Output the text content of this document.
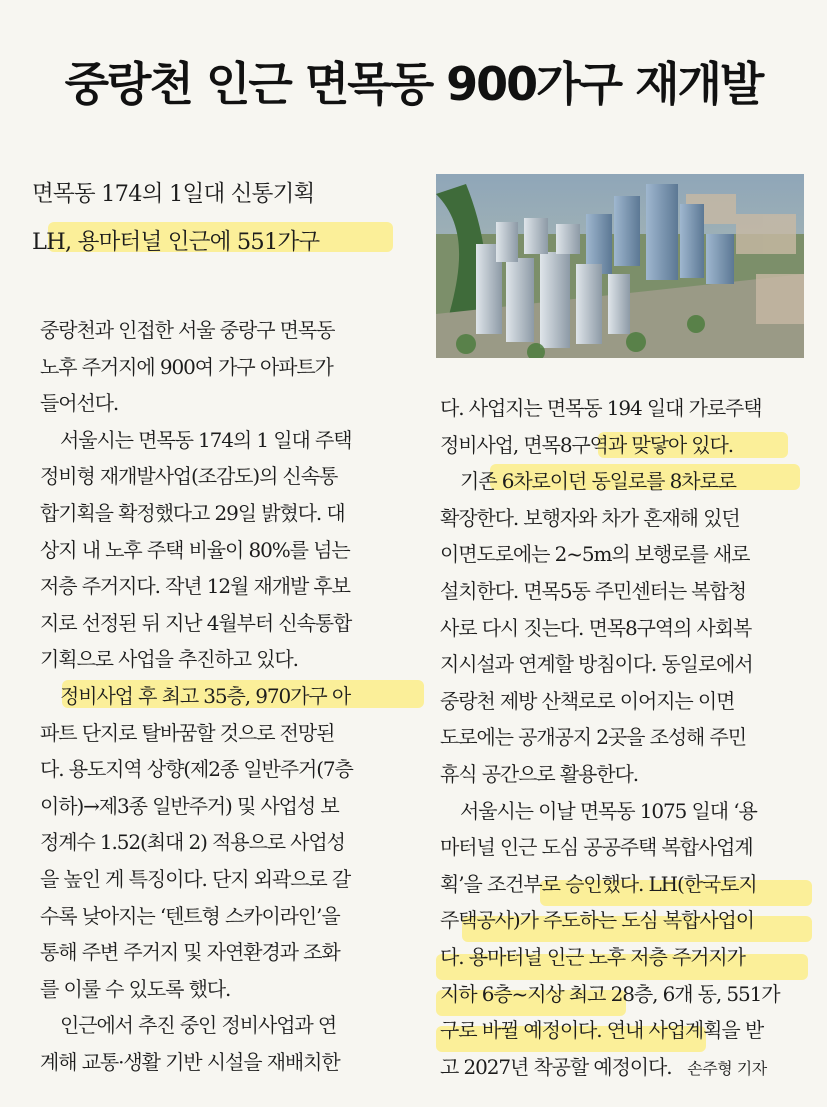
중랑천 인근 면목동 900가구 재개발
면목동 174의 1일대 신통기획
LH, 용마터널 인근에 551가구

중랑천과 인접한 서울 중랑구 면목동

노후 주거지에 900여 가구 아파트가

들어선다.

서울시는 면목동 174의 1 일대 주택

정비형 재개발사업(조감도)의 신속통

합기획을 확정했다고 29일 밝혔다. 대

상지 내 노후 주택 비율이 80%를 넘는

저층 주거지다. 작년 12월 재개발 후보

지로 선정된 뒤 지난 4월부터 신속통합

기획으로 사업을 추진하고 있다.

정비사업 후 최고 35층, 970가구 아

파트 단지로 탈바꿈할 것으로 전망된

다. 용도지역 상향(제2종 일반주거(7층

이하)→제3종 일반주거) 및 사업성 보

정계수 1.52(최대 2) 적용으로 사업성

을 높인 게 특징이다. 단지 외곽으로 갈

수록 낮아지는 ‘텐트형 스카이라인’을

통해 주변 주거지 및 자연환경과 조화

를 이룰 수 있도록 했다.

인근에서 추진 중인 정비사업과 연

계해 교통·생활 기반 시설을 재배치한

다. 사업지는 면목동 194 일대 가로주택

정비사업, 면목8구역과 맞닿아 있다.

기존 6차로이던 동일로를 8차로로

확장한다. 보행자와 차가 혼재해 있던

이면도로에는 2~5m의 보행로를 새로

설치한다. 면목5동 주민센터는 복합청

사로 다시 짓는다. 면목8구역의 사회복

지시설과 연계할 방침이다. 동일로에서

중랑천 제방 산책로로 이어지는 이면

도로에는 공개공지 2곳을 조성해 주민

휴식 공간으로 활용한다.

서울시는 이날 면목동 1075 일대 ‘용

마터널 인근 도심 공공주택 복합사업계

획’을 조건부로 승인했다. LH(한국토지

주택공사)가 주도하는 도심 복합사업이

다. 용마터널 인근 노후 저층 주거지가

지하 6층~지상 최고 28층, 6개 동, 551가

구로 바뀔 예정이다. 연내 사업계획을 받

고 2027년 착공할 예정이다. 손주형 기자
